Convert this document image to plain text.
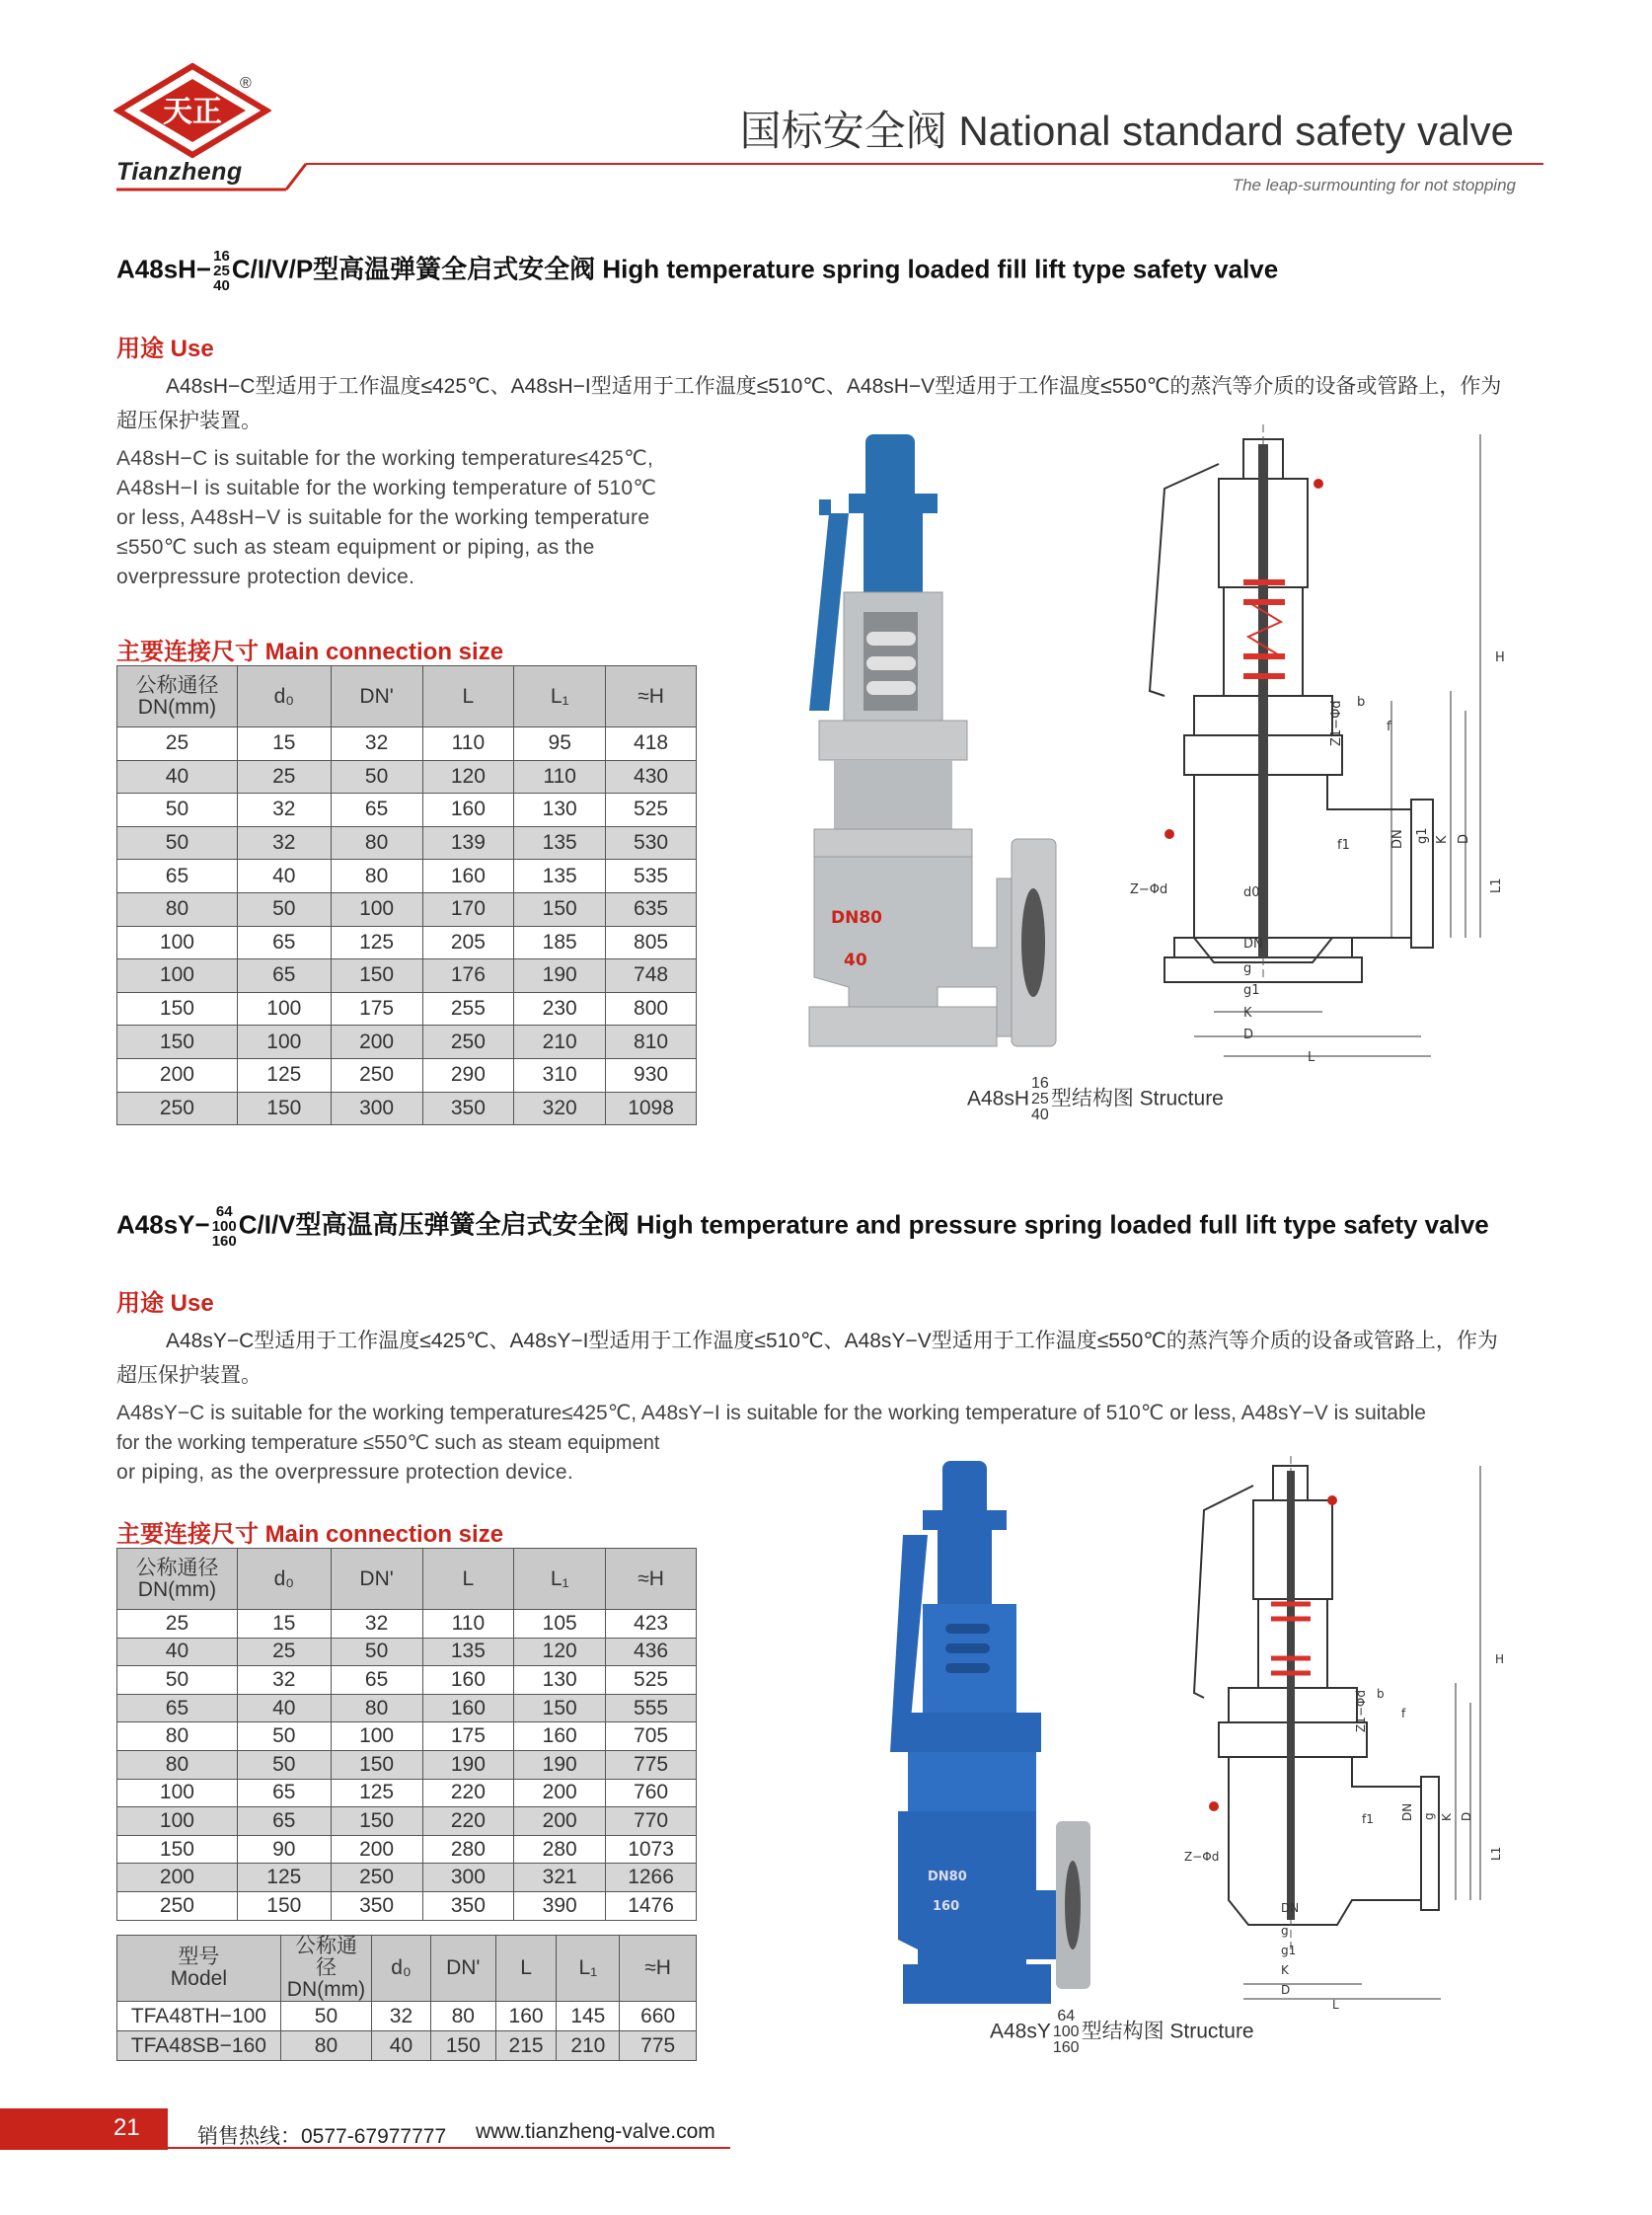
天正
®
Tianzheng
国标安全阀 National standard safety valve
The leap-surmounting for not stopping
A48sH− 16
25
40C/I/V/P型高温弹簧全启式安全阀 High temperature spring loaded fill lift type safety valve
用途 Use
A48sH−C型适用于工作温度≤425℃、A48sH−I型适用于工作温度≤510℃、A48sH−V型适用于工作温度≤550℃的蒸汽等介质的设备或管路上，作为超压保护装置。
A48sH−C is suitable for the working temperature≤425℃,
A48sH−I is suitable for the working temperature of 510℃
or less, A48sH−V is suitable for the working temperature
≤550℃ such as steam equipment or piping, as the
overpressure protection device.
主要连接尺寸 Main connection size
公称通径DN(mm)	d₀	DN'	L	L₁	≈H
25	15	32	110	95	418
40	25	50	120	110	430
50	32	65	160	130	525
50	32	80	139	135	530
65	40	80	160	135	535
80	50	100	170	150	635
100	65	125	205	185	805
100	65	150	176	190	748
150	100	175	255	230	800
150	100	200	250	210	810
200	125	250	290	310	930
250	150	300	350	320	1098
DN80
40
H
b
f
Z1−Φd
DN g1 K D
f1
L1
Z−Φd	d0
DN
g
g1
K
D
L
A48sH16
25
40型结构图 Structure
A48sY− 64
100
160C/I/V型高温高压弹簧全启式安全阀 High temperature and pressure spring loaded full lift type safety valve
用途 Use
A48sY−C型适用于工作温度≤425℃、A48sY−I型适用于工作温度≤510℃、A48sY−V型适用于工作温度≤550℃的蒸汽等介质的设备或管路上，作为超压保护装置。
A48sY−C is suitable for the working temperature≤425℃, A48sY−I is suitable for the working temperature of 510℃ or less, A48sY−V is suitable
for the working temperature ≤550℃ such as steam equipment
or piping, as the overpressure protection device.
主要连接尺寸 Main connection size
公称通径DN(mm)	d₀	DN'	L	L₁	≈H
25	15	32	110	105	423
40	25	50	135	120	436
50	32	65	160	130	525
65	40	80	160	150	555
80	50	100	175	160	705
80	50	150	190	190	775
100	65	125	220	200	760
100	65	150	220	200	770
150	90	200	280	280	1073
200	125	250	300	321	1266
250	150	350	350	390	1476
型号Model	公称通径DN(mm)	d₀	DN'	L	L₁	≈H
TFA48TH−100	50	32	80	160	145	660
TFA48SB−160	80	40	150	215	210	775
DN80
160
H
b
f
Z1−Φd
DN g K D
f1
L1
Z−Φd
DN
g
g1
K
D
L
A48sY64
100
160型结构图 Structure
21	销售热线：0577-67977777 www.tianzheng-valve.com
